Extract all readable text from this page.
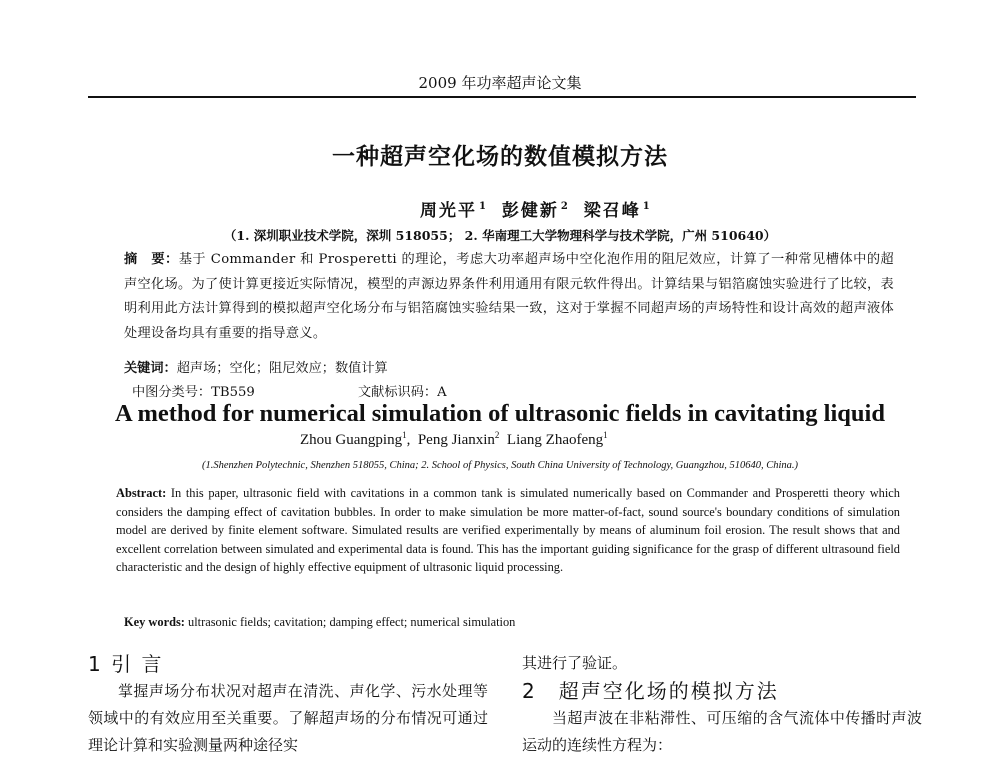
2009 年功率超声论文集
一种超声空化场的数值模拟方法
周光平 $^1$ 彭健新 $^2$ 梁召峰 $^1$
（1. 深圳职业技术学院，深圳 518055； 2. 华南理工大学物理科学与技术学院，广州 510640）
摘　要：基于 Commander 和 Prosperetti 的理论，考虑大功率超声场中空化泡作用的阻尼效应，计算了一种常见槽体中的超声空化场。为了使计算更接近实际情况，模型的声源边界条件利用通用有限元软件得出。计算结果与铝箔腐蚀实验进行了比较，表明利用此方法计算得到的模拟超声空化场分布与铝箔腐蚀实验结果一致，这对于掌握不同超声场的声场特性和设计高效的超声液体处理设备均具有重要的指导意义。
关键词：超声场；空化；阻尼效应；数值计算
中图分类号：TB559	文献标识码：A
A method for numerical simulation of ultrasonic fields in cavitating liquid
Zhou Guangping$^1$,  Peng Jianxin$^2$ Liang Zhaofeng$^1$
(1.Shenzhen Polytechnic, Shenzhen 518055, China; 2. School of Physics, South China University of Technology, Guangzhou, 510640, China.)
Abstract: In this paper, ultrasonic field with cavitations in a common tank is simulated numerically based on Commander and Prosperetti theory which considers the damping effect of cavitation bubbles. In order to make simulation be more matter-of-fact, sound source's boundary conditions of simulation model are derived by finite element software. Simulated results are verified experimentally by means of aluminum foil erosion. The result shows that and excellent correlation between simulated and experimental data is found. This has the important guiding significance for the grasp of different ultrasound field characteristic and the design of highly effective equipment of ultrasonic liquid processing.
Key words: ultrasonic fields; cavitation; damping effect; numerical simulation
1 引 言
掌握声场分布状况对超声在清洗、声化学、污水处理等领域中的有效应用至关重要。了解超声场的分布情况可通过理论计算和实验测量两种途径实
其进行了验证。
2　超声空化场的模拟方法
当超声波在非粘滞性、可压缩的含气流体中传播时声波运动的连续性方程为：
